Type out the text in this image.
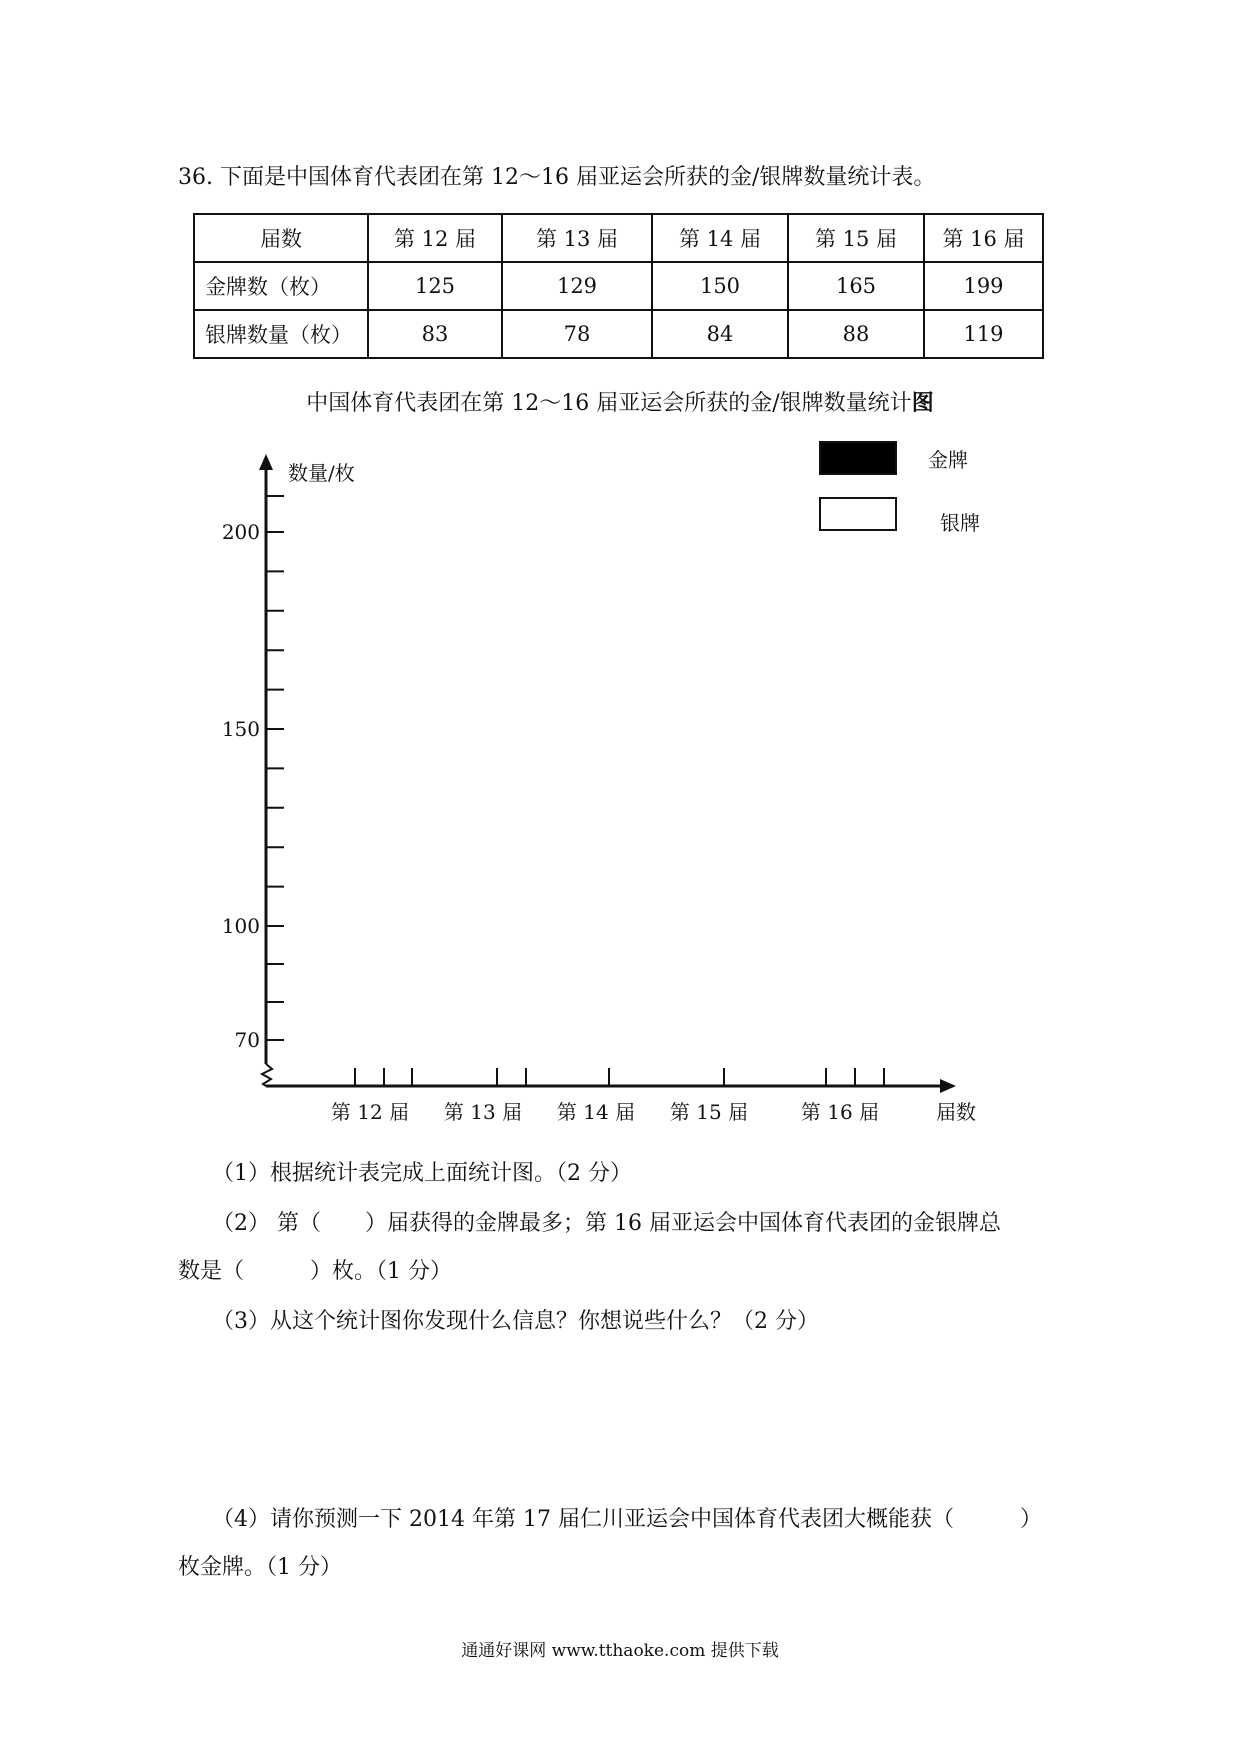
36. 下面是中国体育代表团在第 12～16 届亚运会所获的金/银牌数量统计表。
届数	第 12 届	第 13 届	第 14 届	第 15 届	第 16 届
金牌数（枚）	125	129	150	165	199
银牌数量（枚）	83	78	84	88	119
中国体育代表团在第 12～16 届亚运会所获的金/银牌数量统计图
数量/枚
70
100
150
200
第 12 届 第 13 届 第 14 届 第 15 届	第 16 届	届数
金牌
银牌
（1）根据统计表完成上面统计图。（2 分）
（2） 第（　　）届获得的金牌最多；第 16 届亚运会中国体育代表团的金银牌总
数是（　　　）枚。（1 分）
（3）从这个统计图你发现什么信息？你想说些什么？（2 分）
（4）请你预测一下 2014 年第 17 届仁川亚运会中国体育代表团大概能获（　　　）
枚金牌。（1 分）
通通好课网 www.tthaoke.com 提供下载
